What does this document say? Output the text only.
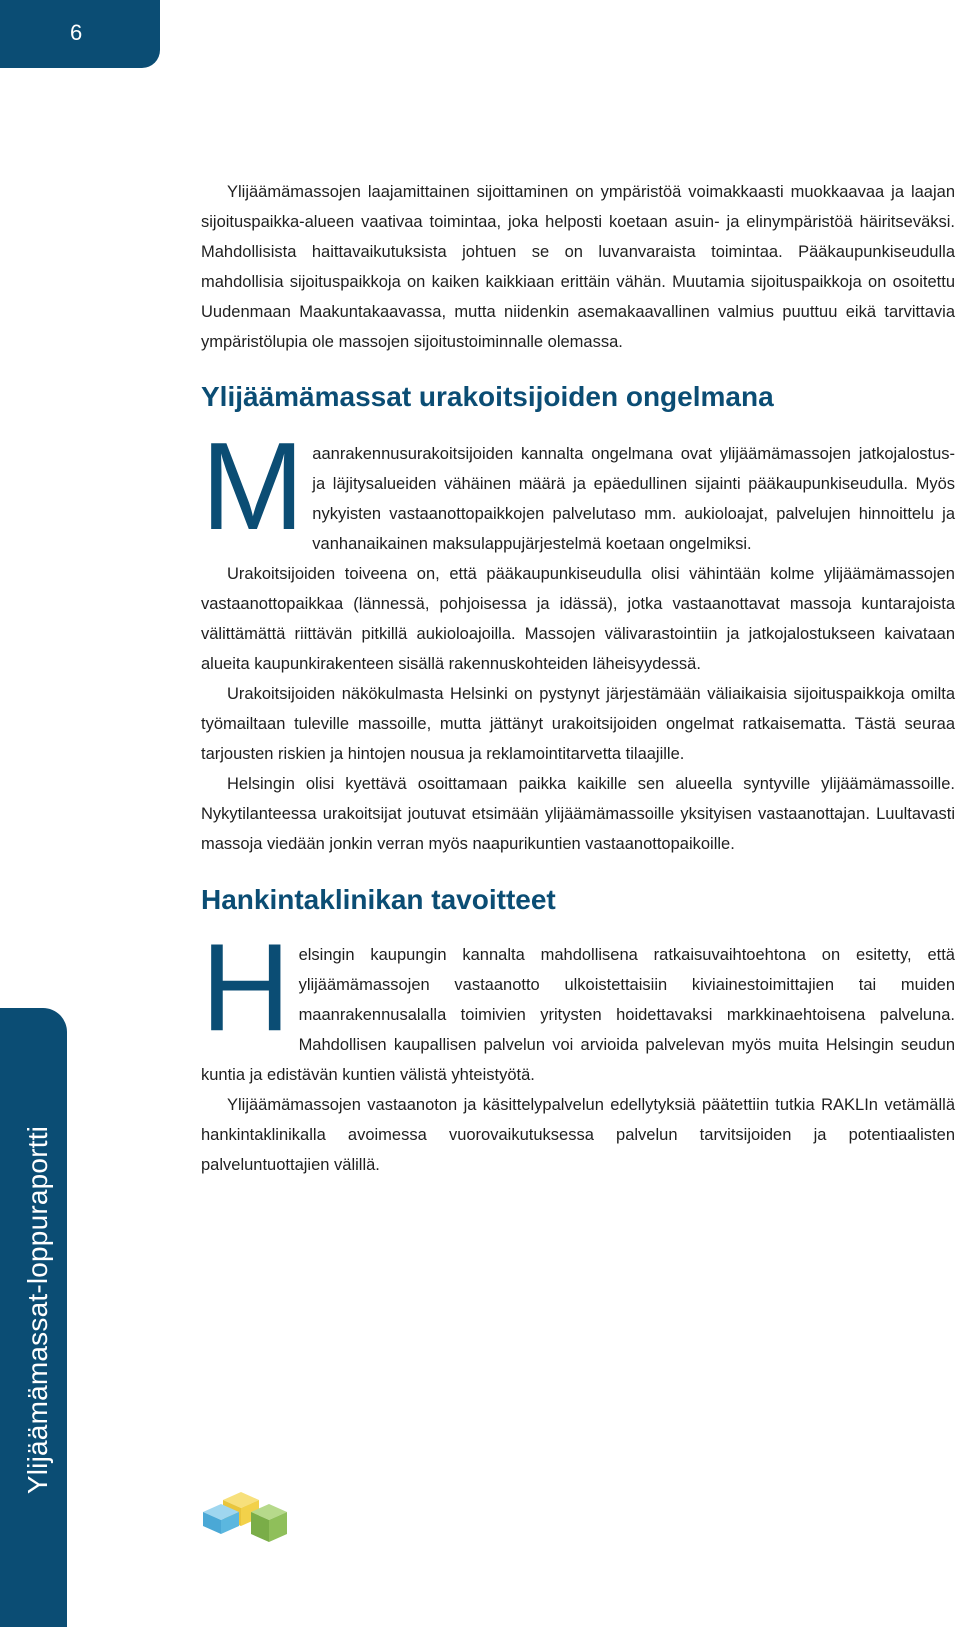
6
Ylijäämämassat-loppuraportti

Ylijäämämassojen laajamittainen sijoittaminen on ympäristöä voimakkaasti muokkaavaa ja laajan sijoituspaikka-alueen vaativaa toimintaa, joka helposti koetaan asuin- ja elinympäristöä häiritseväksi. Mahdollisista haittavaikutuksista johtuen se on luvanvaraista toimintaa. Pääkaupunkiseudulla mahdollisia sijoituspaikkoja on kaiken kaikkiaan erittäin vähän. Muutamia sijoituspaikkoja on osoitettu Uudenmaan Maakuntakaavassa, mutta niidenkin asemakaavallinen valmius puuttuu eikä tarvittavia ympäristölupia ole massojen sijoitustoiminnalle olemassa.

Ylijäämämassat urakoitsijoiden ongelmana

M aanrakennusurakoitsijoiden kannalta ongelmana ovat ylijäämämassojen jatkojalostus- ja läjitysalueiden vähäinen määrä ja epäedullinen sijainti pääkaupunkiseudulla. Myös nykyisten vastaanottopaikkojen palvelutaso mm. aukioloajat, palvelujen hinnoittelu ja vanhanaikainen maksulappujärjestelmä koetaan ongelmiksi.

Urakoitsijoiden toiveena on, että pääkaupunkiseudulla olisi vähintään kolme ylijäämämassojen vastaanottopaikkaa (lännessä, pohjoisessa ja idässä), jotka vastaanottavat massoja kuntarajoista välittämättä riittävän pitkillä aukioloajoilla. Massojen välivarastointiin ja jatkojalostukseen kaivataan alueita kaupunkirakenteen sisällä rakennuskohteiden läheisyydessä.

Urakoitsijoiden näkökulmasta Helsinki on pystynyt järjestämään väliaikaisia sijoituspaikkoja omilta työmailtaan tuleville massoille, mutta jättänyt urakoitsijoiden ongelmat ratkaisematta. Tästä seuraa tarjousten riskien ja hintojen nousua ja reklamointitarvetta tilaajille.

Helsingin olisi kyettävä osoittamaan paikka kaikille sen alueella syntyville ylijäämämassoille. Nykytilanteessa urakoitsijat joutuvat etsimään ylijäämämassoille yksityisen vastaanottajan. Luultavasti massoja viedään jonkin verran myös naapurikuntien vastaanottopaikoille.

Hankintaklinikan tavoitteet

H elsingin kaupungin kannalta mahdollisena ratkaisuvaihtoehtona on esitetty, että ylijäämämassojen vastaanotto ulkoistettaisiin kiviainestoimittajien tai muiden maanrakennusalalla toimivien yritysten hoidettavaksi markkinaehtoisena palveluna. Mahdollisen kaupallisen palvelun voi arvioida palvelevan myös muita Helsingin seudun kuntia ja edistävän kuntien välistä yhteistyötä.

Ylijäämämassojen vastaanoton ja käsittelypalvelun edellytyksiä päätettiin tutkia RAKLIn vetämällä hankintaklinikalla avoimessa vuorovaikutuksessa palvelun tarvitsijoiden ja potentiaalisten palveluntuottajien välillä.
